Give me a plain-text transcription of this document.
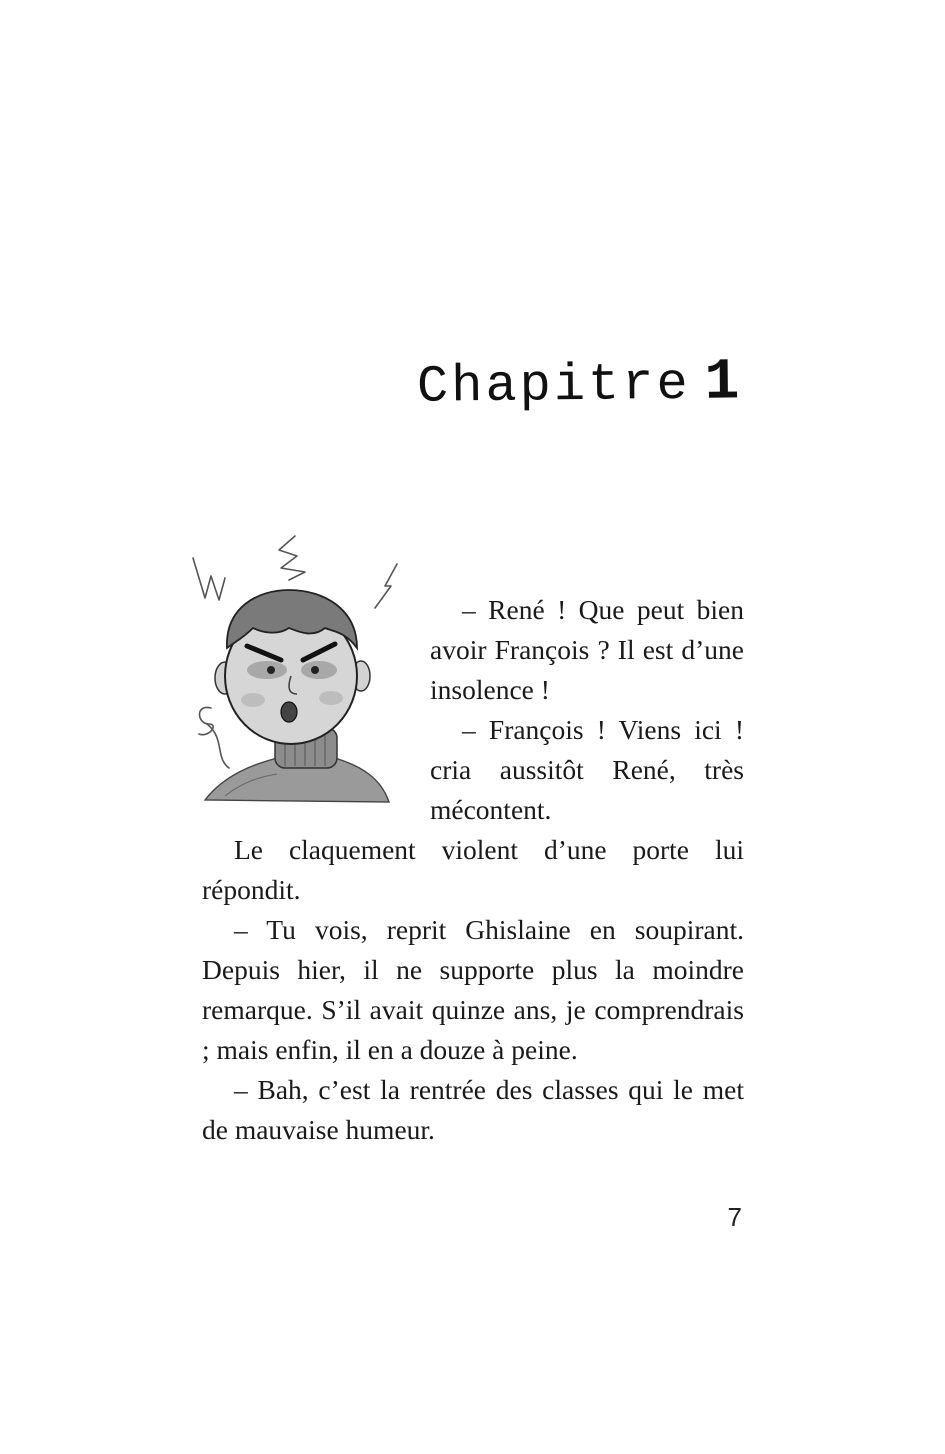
Chapitre 1

– René ! Que peut bien avoir François ? Il est d’une insolence !

– François ! Viens ici ! cria aussitôt René, très mécontent.

Le claquement violent d’une porte lui répondit.

– Tu vois, reprit Ghislaine en soupirant. Depuis hier, il ne supporte plus la moindre remarque. S’il avait quinze ans, je comprendrais ; mais enfin, il en a douze à peine.

– Bah, c’est la rentrée des classes qui le met de mauvaise humeur.

7
